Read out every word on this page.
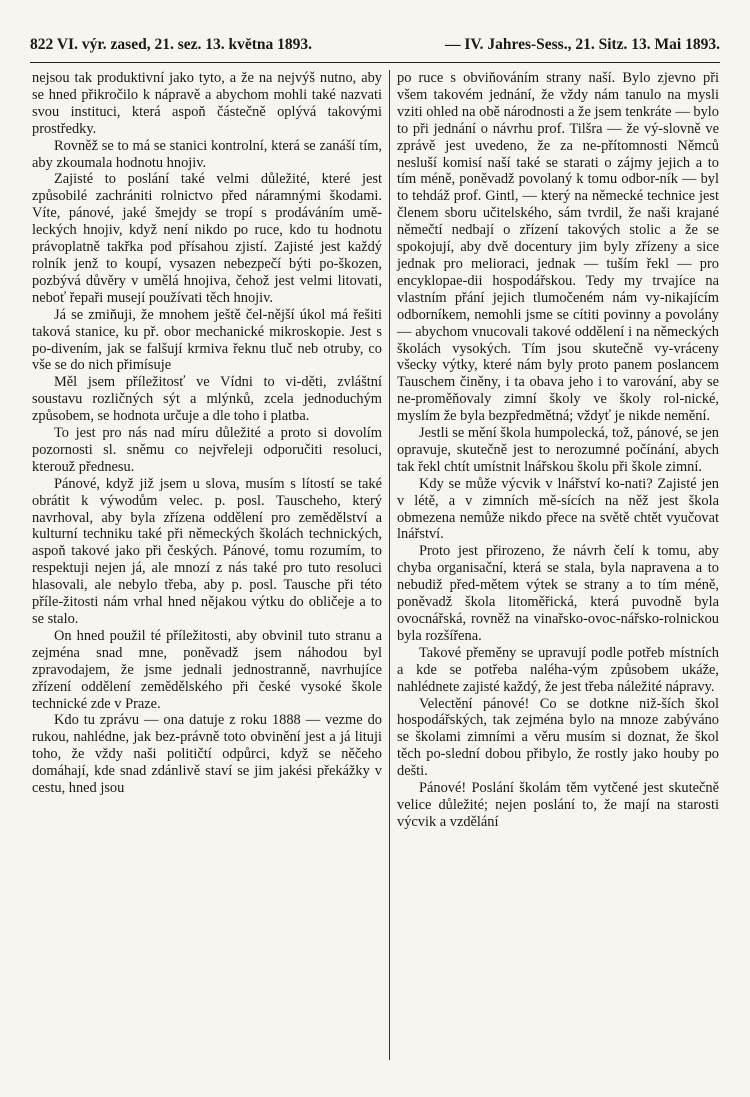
822 VI. výr. zased, 21. sez. 13. května 1893.	— IV. Jahres-Sess., 21. Sitz. 13. Mai 1893.

nejsou tak produktivní jako tyto, a že na nejvýš nutno, aby se hned přikročilo k nápravě a abychom mohli také nazvati svou instituci, která aspoň částečně oplývá takovými prostředky.

Rovněž se to má se stanici kontrolní, která se zanáší tím, aby zkoumala hodnotu hnojiv.

Zajisté to poslání také velmi důležité, které jest způsobilé zachrániti rolnictvo před náramnými škodami. Víte, pánové, jaké šmejdy se tropí s prodáváním umě-leckých hnojiv, když není nikdo po ruce, kdo tu hodnotu právoplatně takřka pod přísahou zjistí. Zajisté jest každý rolník jenž to koupí, vysazen nebezpečí býti po-škozen, pozbývá důvěry v umělá hnojiva, čehož jest velmi litovati, neboť řepaři musejí používati těch hnojiv.

Já se zmiňuji, že mnohem ještě čel-nější úkol má řešiti taková stanice, ku př. obor mechanické mikroskopie. Jest s po-divením, jak se falšují krmiva řeknu tluč neb otruby, co vše se do nich přimísuje

Měl jsem příležitosť ve Vídni to vi-děti, zvláštní soustavu rozličných sýt a mlýnků, zcela jednoduchým způsobem, se hodnota určuje a dle toho i platba.

To jest pro nás nad míru důležité a proto si dovolím pozornosti sl. sněmu co nejvřeleji odporučiti resoluci, kterouž přednesu.

Pánové, když již jsem u slova, musím s lítostí se také obrátit k výwodům velec. p. posl. Tauscheho, který navrhoval, aby byla zřízena oddělení pro zemědělství a kulturní techniku také při německých školách technických, aspoň takové jako při českých. Pánové, tomu rozumím, to respektuji nejen já, ale mnozí z nás také pro tuto resoluci hlasovali, ale nebylo třeba, aby p. posl. Tausche při této příle-žitosti nám vrhal hned nějakou výtku do obličeje a to se stalo.

On hned použil té příležitosti, aby obvinil tuto stranu a zejména snad mne, poněvadž jsem náhodou byl zpravodajem, že jsme jednali jednostranně, navrhujíce zřízení oddělení zemědělského při české vysoké škole technické zde v Praze.

Kdo tu zprávu — ona datuje z roku 1888 — vezme do rukou, nahlédne, jak bez-právně toto obvinění jest a já lituji toho, že vždy naši političtí odpůrci, když se něčeho domáhají, kde snad zdánlivě staví se jim jakési překážky v cestu, hned jsou

po ruce s obviňováním strany naší. Bylo zjevno při všem takovém jednání, že vždy nám tanulo na mysli vziti ohled na obě národnosti a že jsem tenkráte — bylo to při jednání o návrhu prof. Tilšra — že vý-slovně ve zprávě jest uvedeno, že za ne-přítomnosti Němců nesluší komisí naší také se starati o zájmy jejich a to tím méně, poněvadž povolaný k tomu odbor-ník — byl to tehdáž prof. Gintl, — který na německé technice jest členem sboru učitelského, sám tvrdil, že naši krajané němečtí nedbají o zřízení takových stolic a že se spokojují, aby dvě docentury jim byly zřízeny a sice jednak pro melioraci, jednak — tuším řekl — pro encyklopae-dii hospodářskou. Tedy my trvajíce na vlastním přání jejich tlumočeném nám vy-nikajícím odborníkem, nemohli jsme se cítiti povinny a povolány — abychom vnucovali takové oddělení i na německých školách vysokých. Tím jsou skutečně vy-vráceny všecky výtky, které nám byly proto panem poslancem Tauschem činěny, i ta obava jeho i to varování, aby se ne-proměňovaly zimní školy ve školy rol-nické, myslím že byla bezpředmětná; vždyť je nikde nemění.

Jestli se mění škola humpolecká, tož, pánové, se jen opravuje, skutečně jest to nerozumné počínání, abych tak řekl chtít umístnit lnářskou školu při škole zimní.

Kdy se může výcvik v lnářství ko-nati? Zajisté jen v létě, a v zimních mě-sících na něž jest škola obmezena nemůže nikdo přece na světě chtět vyučovat lnářství.

Proto jest přirozeno, že návrh čelí k tomu, aby chyba organisační, která se stala, byla napravena a to nebudiž před-mětem výtek se strany a to tím méně, poněvadž škola litoměřická, která puvodně byla ovocnářská, rovněž na vinařsko-ovoc-nářsko-rolnickou byla rozšířena.

Takové přeměny se upravují podle potřeb místních a kde se potřeba naléha-vým způsobem ukáže, nahlédnete zajisté každý, že jest třeba náležité nápravy.

Velectění pánové! Co se dotkne niž-ších škol hospodářských, tak zejména bylo na mnoze zabýváno se školami zimními a věru musím si doznat, že škol těch po-slední dobou přibylo, že rostly jako houby po dešti.

Pánové! Poslání školám těm vytčené jest skutečně velice důležité; nejen poslání to, že mají na starosti výcvik a vzdělání
